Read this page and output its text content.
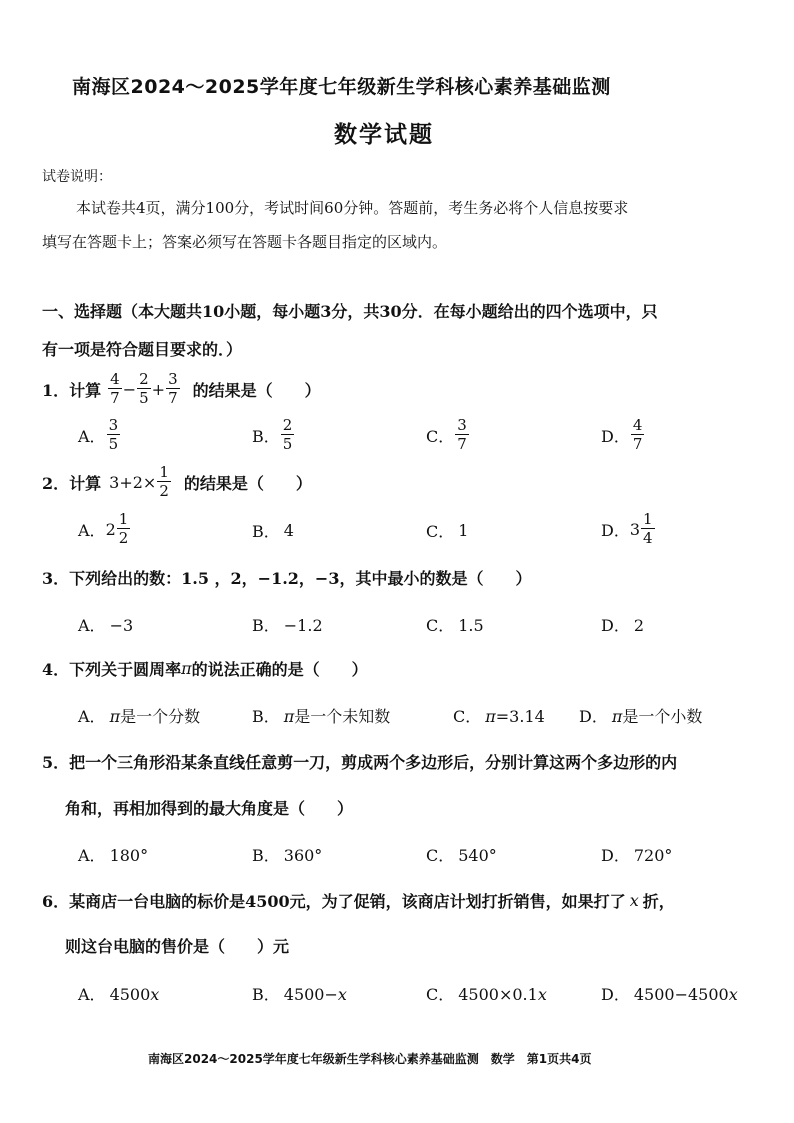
南海区2024～2025学年度七年级新生学科核心素养基础监测
数学试题
试卷说明：
本试卷共4页，满分100分，考试时间60分钟。答题前，考生务必将个人信息按要求
填写在答题卡上；答案必须写在答题卡各题目指定的区域内。
一、选择题（本大题共10小题，每小题3分，共30分．在每小题给出的四个选项中，只
有一项是符合题目要求的．）
1． 计算 $\frac{4}{7} - \frac{2}{5} + \frac{3}{7}$ 的结果是（　　）
A． $\frac{3}{5}$	B． $\frac{2}{5}$	C． $\frac{3}{7}$	D． $\frac{4}{7}$
2． 计算 $3+2\times \frac{1}{2}$ 的结果是（　　）
A． $2 \frac{1}{2}$	B． 4	C． 1	D． $3 \frac{1}{4}$
3． 下列给出的数：1.5 ，2，−1.2，−3，其中最小的数是（　　）
A． −3	B． −1.2	C． 1.5	D． 2
4． 下列关于圆周率 π 的说法正确的是（　　）
A． π是一个分数	B． π是一个未知数	C． π=3.14 D． π是一个小数
5． 把一个三角形沿某条直线任意剪一刀，剪成两个多边形后，分别计算这两个多边形的内
角和，再相加得到的最大角度是（　　）
A． 180°	B． 360°	C． 540°	D． 720°
6． 某商店一台电脑的标价是4500元，为了促销，该商店计划打折销售，如果打了 x 折，
则这台电脑的售价是（　　）元
A． 4500x	B． 4500−x	C． 4500×0.1x	D． 4500−4500x
南海区2024～2025学年度七年级新生学科核心素养基础监测　数学　第1页共4页
